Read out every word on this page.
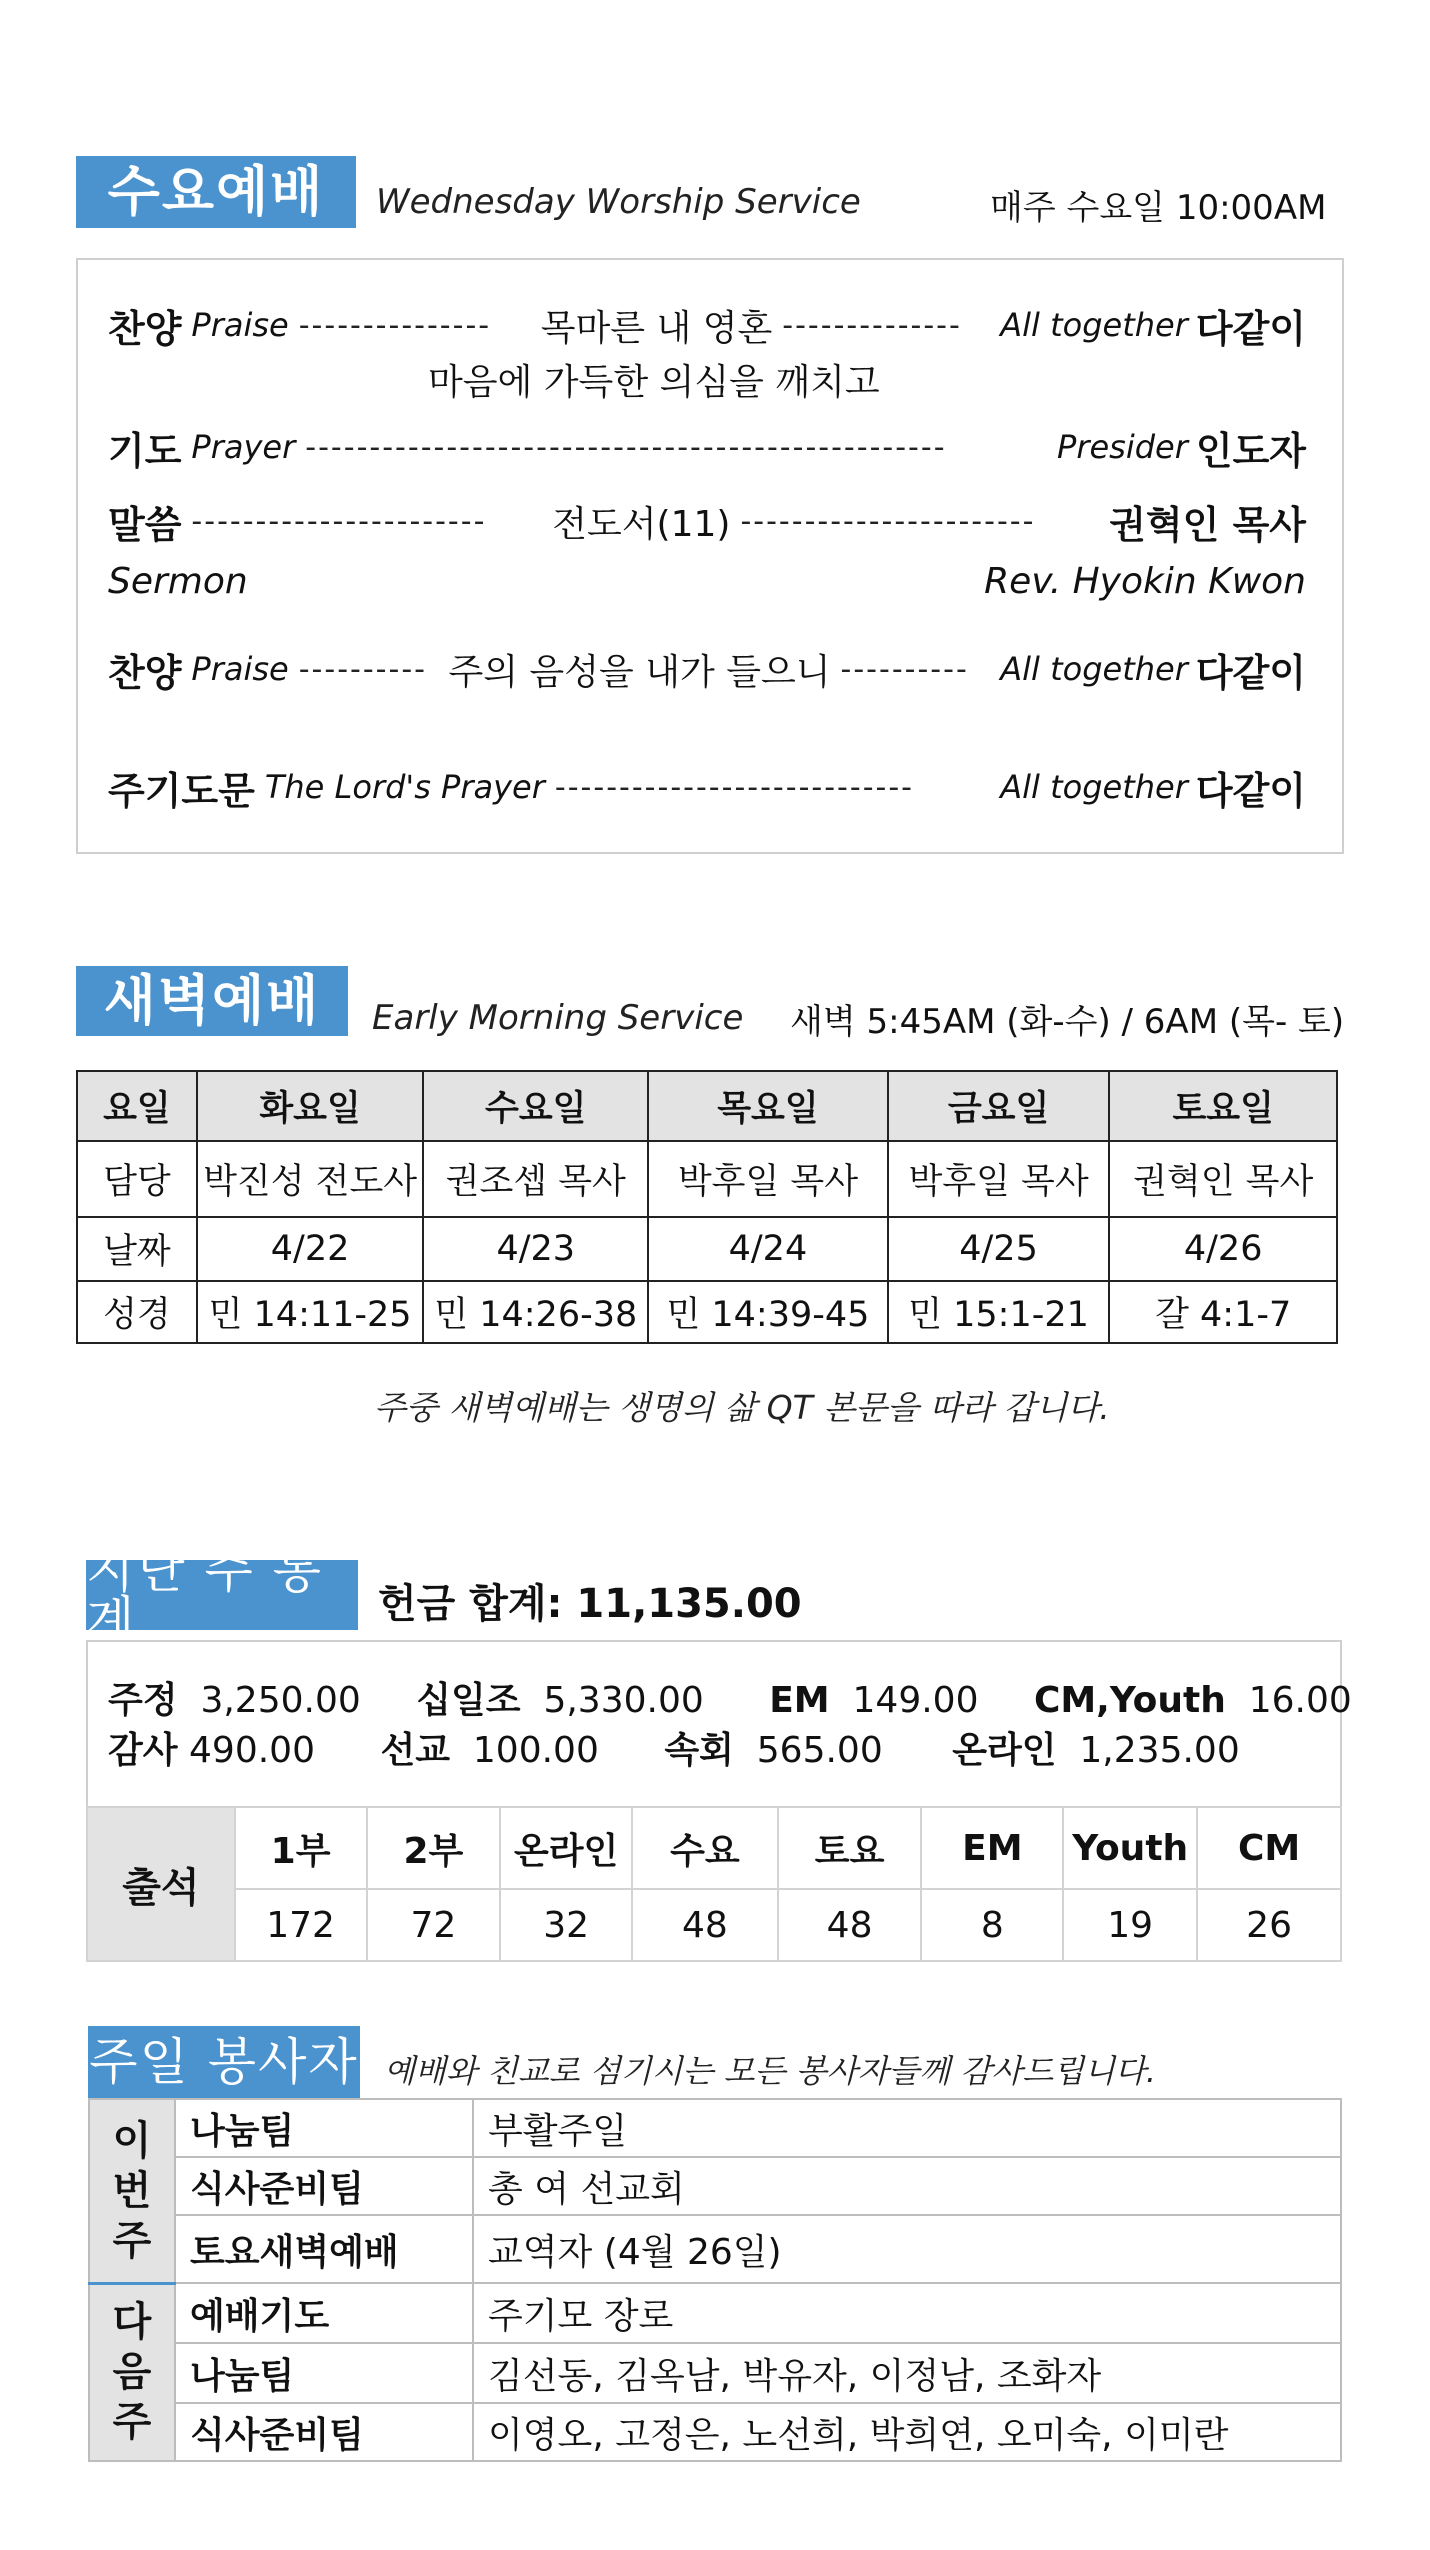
수요예배	Wednesday Worship Service	매주 수요일 10:00AM
찬양 Praise ---------------	목마른 내 영혼 --------------	All together 다같이
마음에 가득한 의심을 깨치고
기도 Prayer --------------------------------------------------	Presider 인도자
말씀 -----------------------	전도서(11) -----------------------	권혁인 목사
Sermon	Rev. Hyokin Kwon
찬양 Praise ---------- 주의 음성을 내가 들으니 ---------- All together 다같이
주기도문 The Lord's Prayer ----------------------------	All together 다같이
새벽예배	Early Morning Service 새벽 5:45AM (화-수) / 6AM (목- 토)
요일	화요일	수요일	목요일	금요일	토요일
담당	박진성 전도사	권조셉 목사	박후일 목사	박후일 목사	권혁인 목사
날짜	4/22	4/23	4/24	4/25	4/26
성경	민 14:11-25	민 14:26-38	민 14:39-45	민 15:1-21	갈 4:1-7
주중 새벽예배는 생명의 삶 QT 본문을 따라 갑니다.
지난 주 통계	헌금 합계: 11,135.00
주정 3,250.00 십일조 5,330.00 EM 149.00 CM,Youth 16.00
감사 490.00 선교 100.00 속회 565.00 온라인 1,235.00
출석	1부	2부	온라인	수요	토요	EM	Youth	CM
	172	72	32	48	48	8	19	26
주일 봉사자 예배와 친교로 섬기시는 모든 봉사자들께 감사드립니다.
이
번
주	나눔팀	부활주일
	식사준비팀	총 여 선교회
	토요새벽예배	교역자 (4월 26일)

다
음
주	예배기도	주기모 장로
	나눔팀	김선동, 김옥남, 박유자, 이정남, 조화자
	식사준비팀	이영오, 고정은, 노선희, 박희연, 오미숙, 이미란
